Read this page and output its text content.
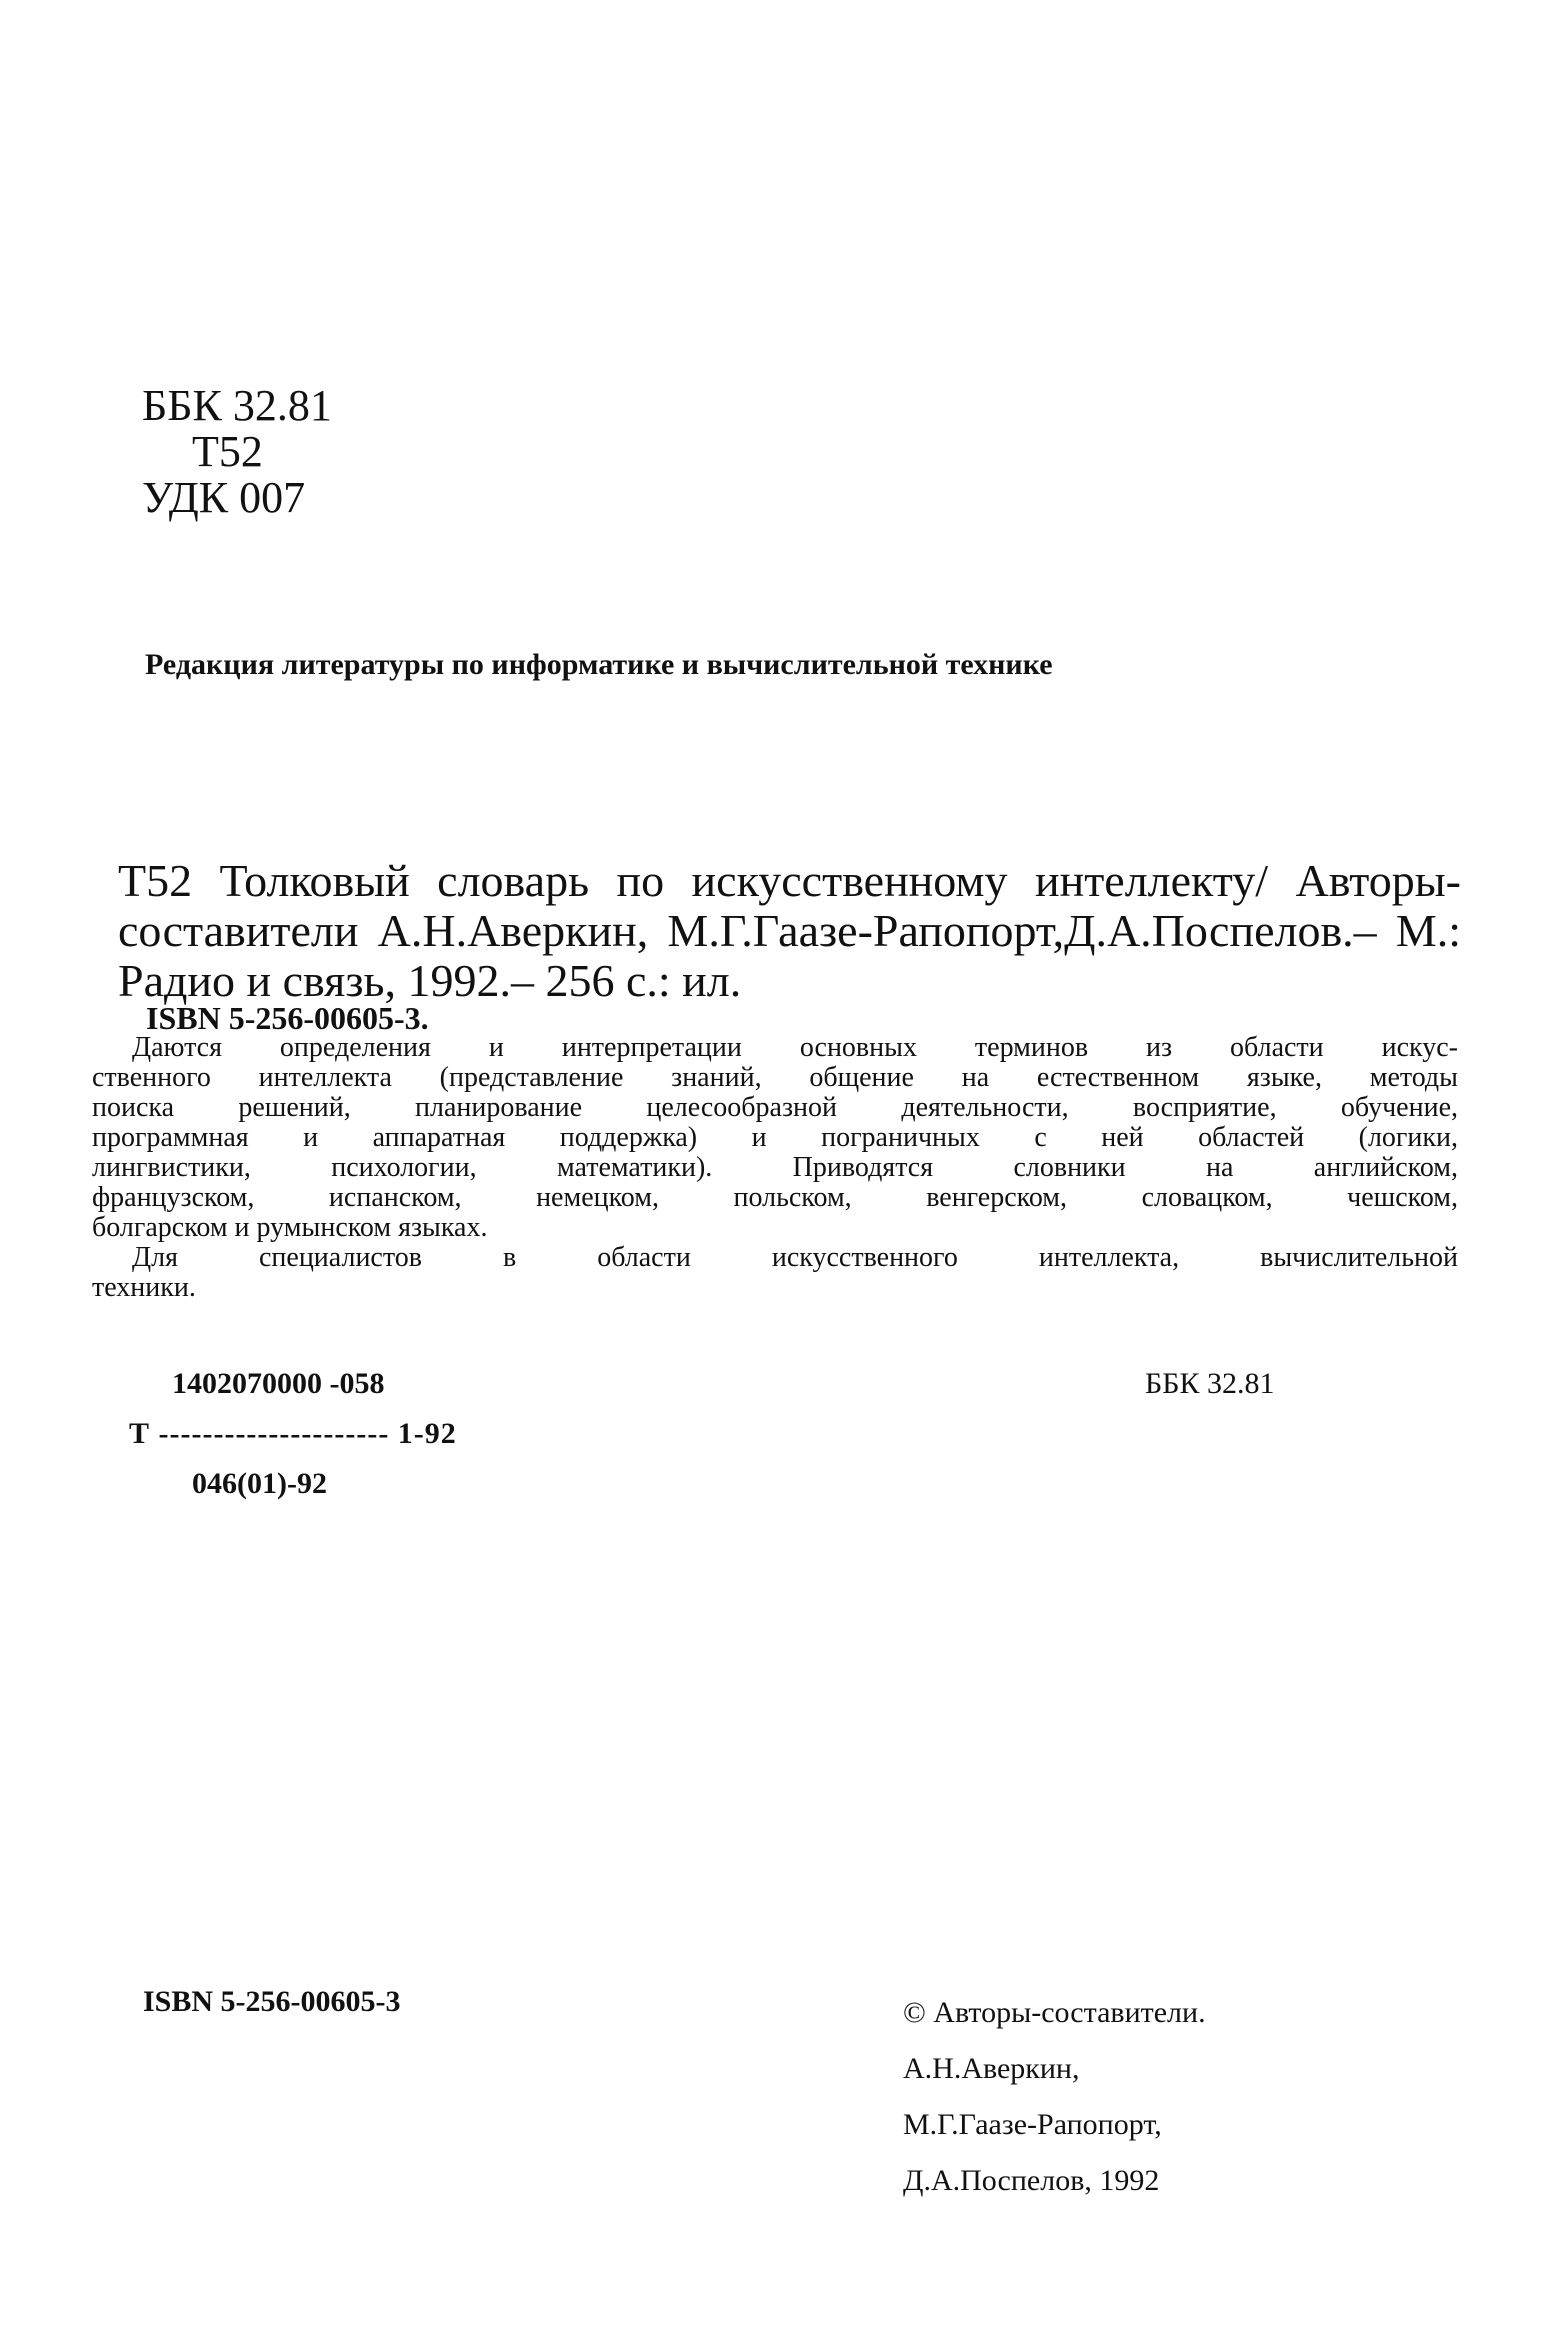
ББК 32.81
Т52
УДК 007
Редакция литературы по информатике и вычислительной технике
Т52 Толковый словарь по искусственному интеллекту/ Авторы-
составители А.Н.Аверкин, М.Г.Гаазе-Рапопорт,Д.А.Поспелов.– М.:
Радио и связь, 1992.– 256 с.: ил.
ISBN 5-256-00605-3.
Даются определения и интерпретации основных терминов из области искус-
ственного интеллекта (представление знаний, общение на естественном языке, методы
поиска решений, планирование целесообразной деятельности, восприятие, обучение,
программная и аппаратная поддержка) и пограничных с ней областей (логики,
лингвистики, психологии, математики). Приводятся словники на английском,
французском, испанском, немецком, польском, венгерском, словацком, чешском,
болгарском и румынском языках.
Для специалистов в области искусственного интеллекта, вычислительной
техники.
1402070000 -058
Т --------------------- 1-92
046(01)-92
ББК 32.81
ISBN 5-256-00605-3	© Авторы-составители.
А.Н.Аверкин,
М.Г.Гаазе-Рапопорт,
Д.А.Поспелов, 1992
